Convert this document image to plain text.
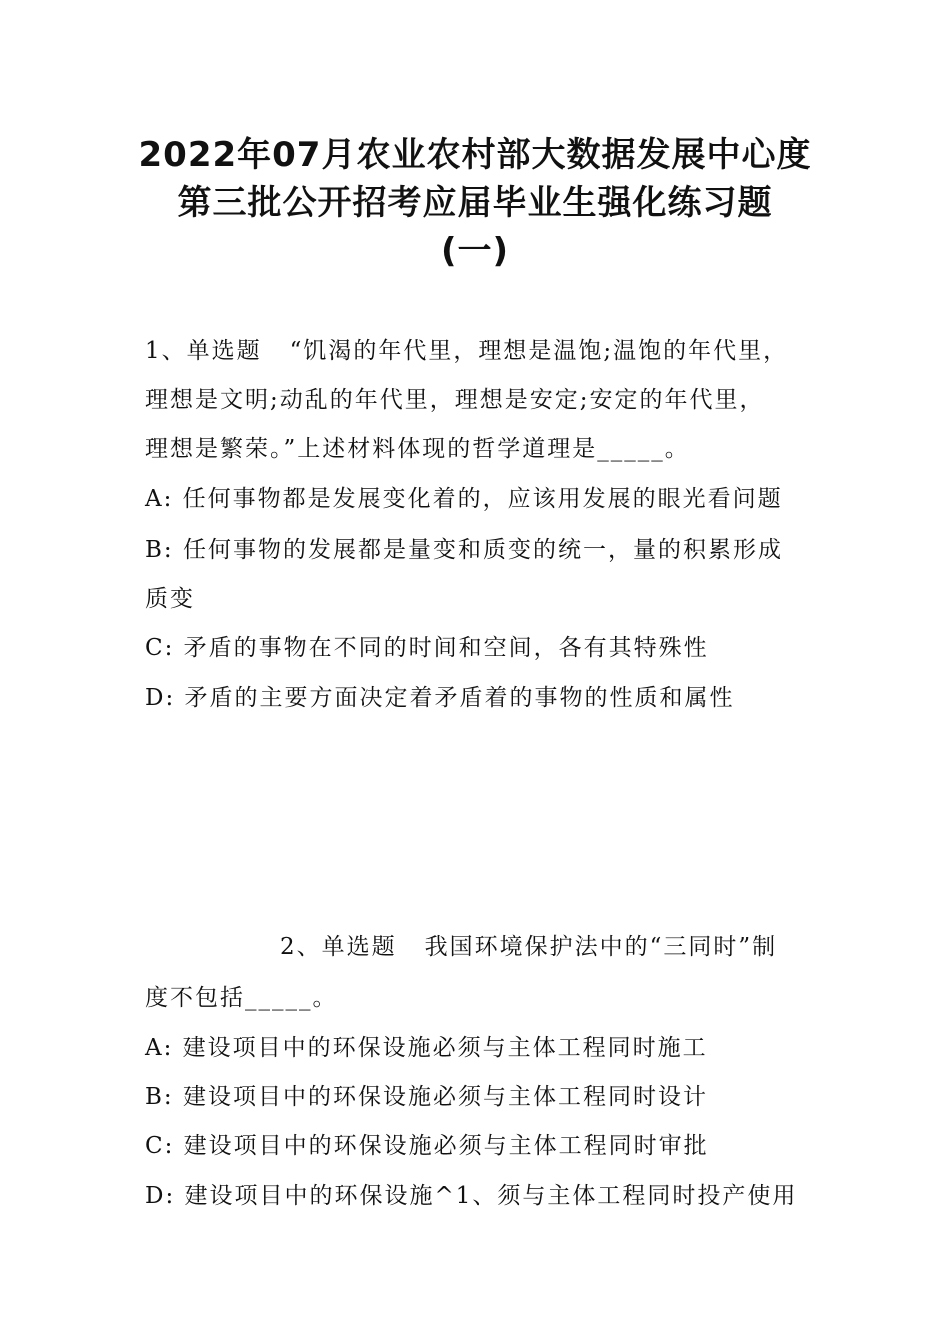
2022年07月农业农村部大数据发展中心度
第三批公开招考应届毕业生强化练习题
(一)
1、单选题 “饥渴的年代里，理想是温饱;温饱的年代里，
理想是文明;动乱的年代里，理想是安定;安定的年代里，
理想是繁荣。”上述材料体现的哲学道理是_____。
A: 任何事物都是发展变化着的，应该用发展的眼光看问题
B: 任何事物的发展都是量变和质变的统一，量的积累形成
质变
C: 矛盾的事物在不同的时间和空间，各有其特殊性
D: 矛盾的主要方面决定着矛盾着的事物的性质和属性
2、单选题 我国环境保护法中的“三同时”制
度不包括_____。
A: 建设项目中的环保设施必须与主体工程同时施工
B: 建设项目中的环保设施必须与主体工程同时设计
C: 建设项目中的环保设施必须与主体工程同时审批
D: 建设项目中的环保设施^1、须与主体工程同时投产使用
